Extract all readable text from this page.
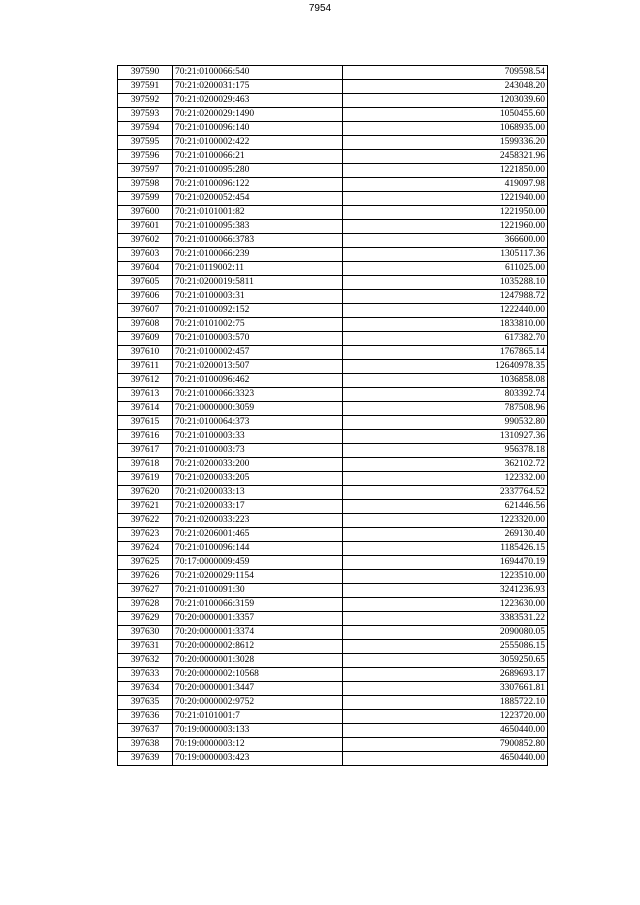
7954
397590	70:21:0100066:540	709598.54
397591	70:21:0200031:175	243048.20
397592	70:21:0200029:463	1203039.60
397593	70:21:0200029:1490	1050455.60
397594	70:21:0100096:140	1068935.00
397595	70:21:0100002:422	1599336.20
397596	70:21:0100066:21	2458321.96
397597	70:21:0100095:280	1221850.00
397598	70:21:0100096:122	419097.98
397599	70:21:0200052:454	1221940.00
397600	70:21:0101001:82	1221950.00
397601	70:21:0100095:383	1221960.00
397602	70:21:0100066:3783	366600.00
397603	70:21:0100066:239	1305117.36
397604	70:21:0119002:11	611025.00
397605	70:21:0200019:5811	1035288.10
397606	70:21:0100003:31	1247988.72
397607	70:21:0100092:152	1222440.00
397608	70:21:0101002:75	1833810.00
397609	70:21:0100003:570	617382.70
397610	70:21:0100002:457	1767865.14
397611	70:21:0200013:507	12640978.35
397612	70:21:0100096:462	1036858.08
397613	70:21:0100066:3323	803392.74
397614	70:21:0000000:3059	787508.96
397615	70:21:0100064:373	990532.80
397616	70:21:0100003:33	1310927.36
397617	70:21:0100003:73	956378.18
397618	70:21:0200033:200	362102.72
397619	70:21:0200033:205	122332.00
397620	70:21:0200033:13	2337764.52
397621	70:21:0200033:17	621446.56
397622	70:21:0200033:223	1223320.00
397623	70:21:0206001:465	269130.40
397624	70:21:0100096:144	1185426.15
397625	70:17:0000009:459	1694470.19
397626	70:21:0200029:1154	1223510.00
397627	70:21:0100091:30	3241236.93
397628	70:21:0100066:3159	1223630.00
397629	70:20:0000001:3357	3383531.22
397630	70:20:0000001:3374	2090080.05
397631	70:20:0000002:8612	2555086.15
397632	70:20:0000001:3028	3059250.65
397633	70:20:0000002:10568	2689693.17
397634	70:20:0000001:3447	3307661.81
397635	70:20:0000002:9752	1885722.10
397636	70:21:0101001:7	1223720.00
397637	70:19:0000003:133	4650440.00
397638	70:19:0000003:12	7900852.80
397639	70:19:0000003:423	4650440.00
